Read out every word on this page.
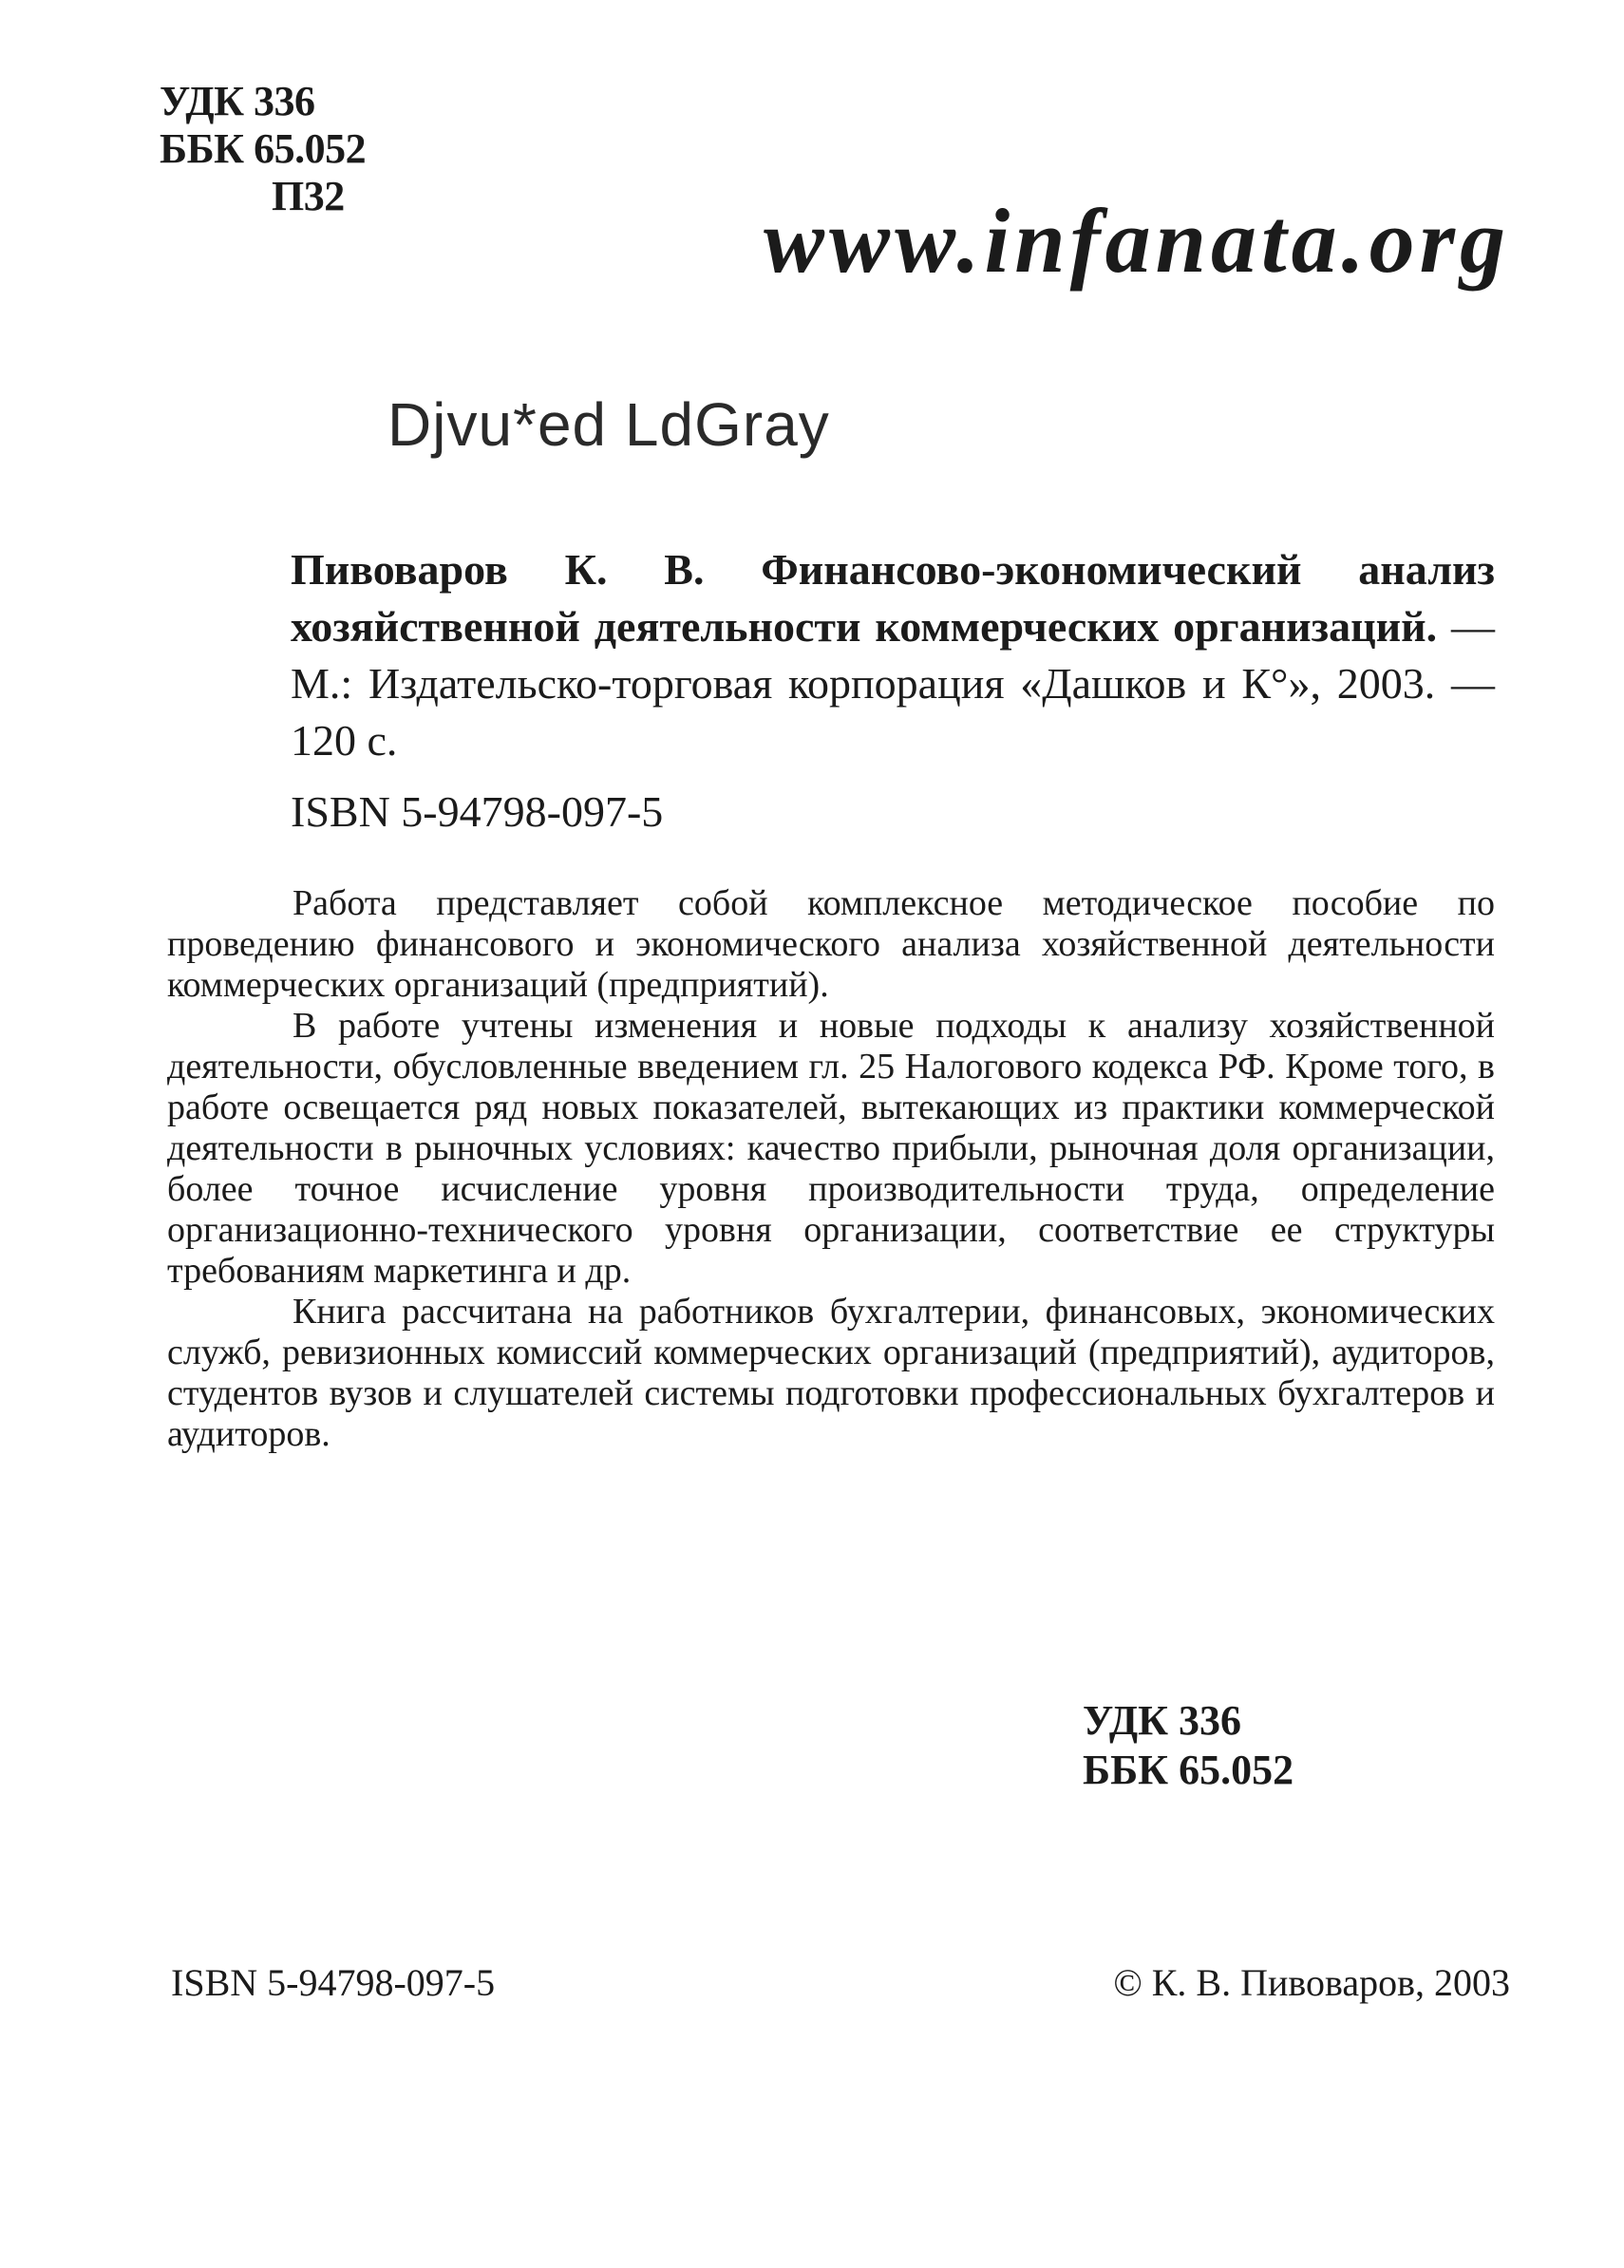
УДК 336
ББК 65.052
П32	www.infanata.org
Djvu*ed LdGray
Пивоваров К. В. Финансово-экономический анализ хозяйственной деятельности коммерческих организаций. — М.: Издательско-торговая корпорация «Дашков и К°», 2003. — 120 с.
ISBN 5-94798-097-5

Работа представляет собой комплексное методическое пособие по проведению финансового и экономического анализа хозяйственной деятельности коммерческих организаций (предприятий).

В работе учтены изменения и новые подходы к анализу хозяйственной деятельности, обусловленные введением гл. 25 Налогового кодекса РФ. Кроме того, в работе освещается ряд новых показателей, вытекающих из практики коммерческой деятельности в рыночных условиях: качество прибыли, рыночная доля организации, более точное исчисление уровня производительности труда, определение организационно-технического уровня организации, соответствие ее структуры требованиям маркетинга и др.

Книга рассчитана на работников бухгалтерии, финансовых, экономических служб, ревизионных комиссий коммерческих организаций (предприятий), аудиторов, студентов вузов и слушателей системы подготовки профессиональных бухгалтеров и аудиторов.

УДК 336
ББК 65.052
ISBN 5-94798-097-5	© К. В. Пивоваров, 2003
